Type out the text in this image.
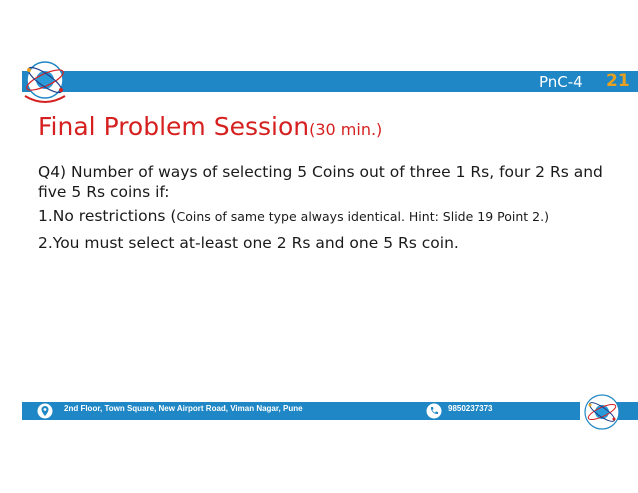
PnC-4 21
Final Problem Session(30 min.)
Q4) Number of ways of selecting 5 Coins out of three 1 Rs, four 2 Rs and five 5 Rs coins if:
1.No restrictions (Coins of same type always identical. Hint: Slide 19 Point 2.)
2.You must select at-least one 2 Rs and one 5 Rs coin.
2nd Floor, Town Square, New Airport Road, Viman Nagar, Pune	9850237373
